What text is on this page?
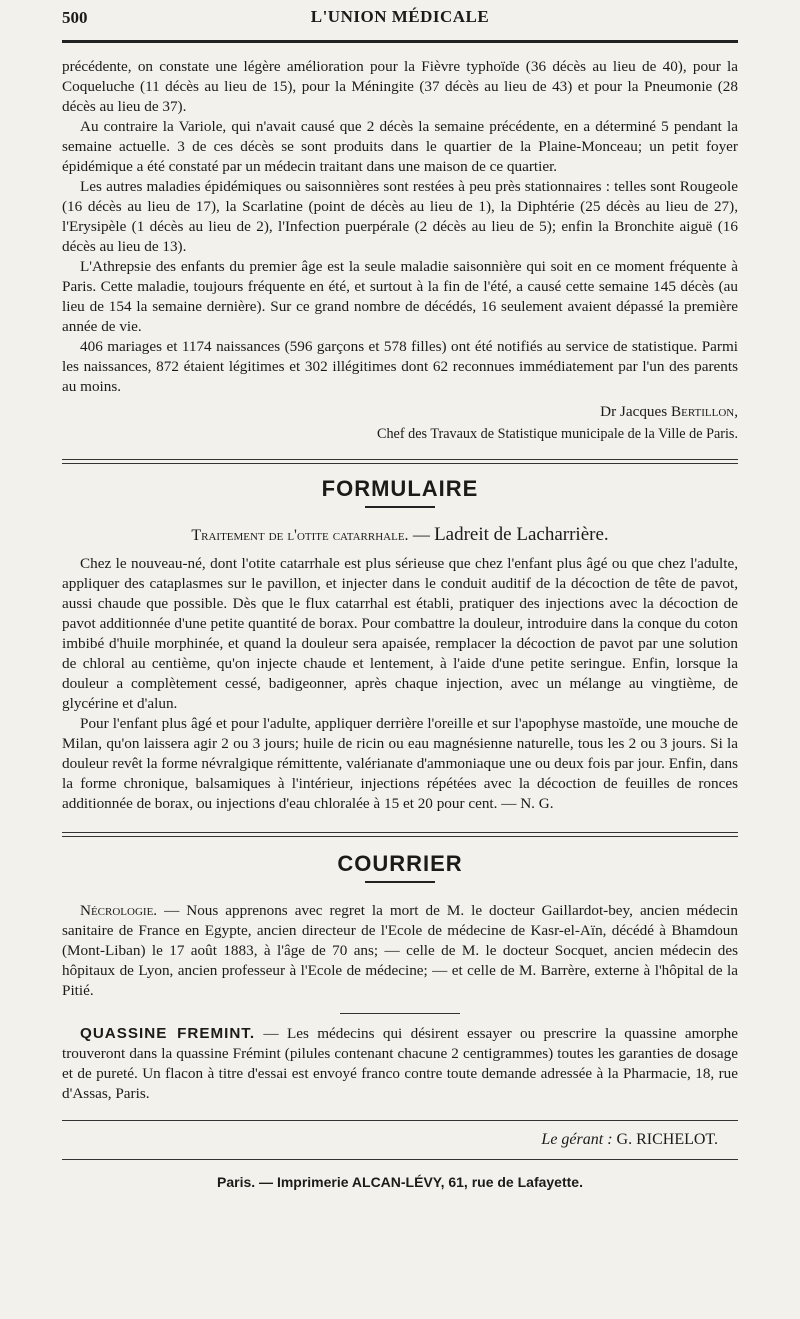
500	L'UNION MÉDICALE

précédente, on constate une légère amélioration pour la Fièvre typhoïde (36 décès au lieu de 40), pour la Coqueluche (11 décès au lieu de 15), pour la Méningite (37 décès au lieu de 43) et pour la Pneumonie (28 décès au lieu de 37).

Au contraire la Variole, qui n'avait causé que 2 décès la semaine précédente, en a déterminé 5 pendant la semaine actuelle. 3 de ces décès se sont produits dans le quartier de la Plaine-Monceau; un petit foyer épidémique a été constaté par un médecin traitant dans une maison de ce quartier.

Les autres maladies épidémiques ou saisonnières sont restées à peu près stationnaires : telles sont Rougeole (16 décès au lieu de 17), la Scarlatine (point de décès au lieu de 1), la Diphtérie (25 décès au lieu de 27), l'Erysipèle (1 décès au lieu de 2), l'Infection puerpérale (2 décès au lieu de 5); enfin la Bronchite aiguë (16 décès au lieu de 13).

L'Athrepsie des enfants du premier âge est la seule maladie saisonnière qui soit en ce moment fréquente à Paris. Cette maladie, toujours fréquente en été, et surtout à la fin de l'été, a causé cette semaine 145 décès (au lieu de 154 la semaine dernière). Sur ce grand nombre de décédés, 16 seulement avaient dépassé la première année de vie.

406 mariages et 1174 naissances (596 garçons et 578 filles) ont été notifiés au service de statistique. Parmi les naissances, 872 étaient légitimes et 302 illégitimes dont 62 reconnues immédiatement par l'un des parents au moins.

Dr Jacques Bertillon,
Chef des Travaux de Statistique municipale de la Ville de Paris.
FORMULAIRE
Traitement de l'otite catarrhale. — Ladreit de Lacharrière.

Chez le nouveau-né, dont l'otite catarrhale est plus sérieuse que chez l'enfant plus âgé ou que chez l'adulte, appliquer des cataplasmes sur le pavillon, et injecter dans le conduit auditif de la décoction de tête de pavot, aussi chaude que possible. Dès que le flux catarrhal est établi, pratiquer des injections avec la décoction de pavot additionnée d'une petite quantité de borax. Pour combattre la douleur, introduire dans la conque du coton imbibé d'huile morphinée, et quand la douleur sera apaisée, remplacer la décoction de pavot par une solution de chloral au centième, qu'on injecte chaude et lentement, à l'aide d'une petite seringue. Enfin, lorsque la douleur a complètement cessé, badigeonner, après chaque injection, avec un mélange au vingtième, de glycérine et d'alun.

Pour l'enfant plus âgé et pour l'adulte, appliquer derrière l'oreille et sur l'apophyse mastoïde, une mouche de Milan, qu'on laissera agir 2 ou 3 jours; huile de ricin ou eau magnésienne naturelle, tous les 2 ou 3 jours. Si la douleur revêt la forme névralgique rémittente, valérianate d'ammoniaque une ou deux fois par jour. Enfin, dans la forme chronique, balsamiques à l'intérieur, injections répétées avec la décoction de feuilles de ronces additionnée de borax, ou injections d'eau chloralée à 15 et 20 pour cent. — N. G.

COURRIER

Nécrologie. — Nous apprenons avec regret la mort de M. le docteur Gaillardot-bey, ancien médecin sanitaire de France en Egypte, ancien directeur de l'Ecole de médecine de Kasr-el-Aïn, décédé à Bhamdoun (Mont-Liban) le 17 août 1883, à l'âge de 70 ans; — celle de M. le docteur Socquet, ancien médecin des hôpitaux de Lyon, ancien professeur à l'Ecole de médecine; — et celle de M. Barrère, externe à l'hôpital de la Pitié.

QUASSINE FREMINT. — Les médecins qui désirent essayer ou prescrire la quassine amorphe trouveront dans la quassine Frémint (pilules contenant chacune 2 centigrammes) toutes les garanties de dosage et de pureté. Un flacon à titre d'essai est envoyé franco contre toute demande adressée à la Pharmacie, 18, rue d'Assas, Paris.

Le gérant : G. RICHELOT.
Paris. — Imprimerie ALCAN-LÉVY, 61, rue de Lafayette.
